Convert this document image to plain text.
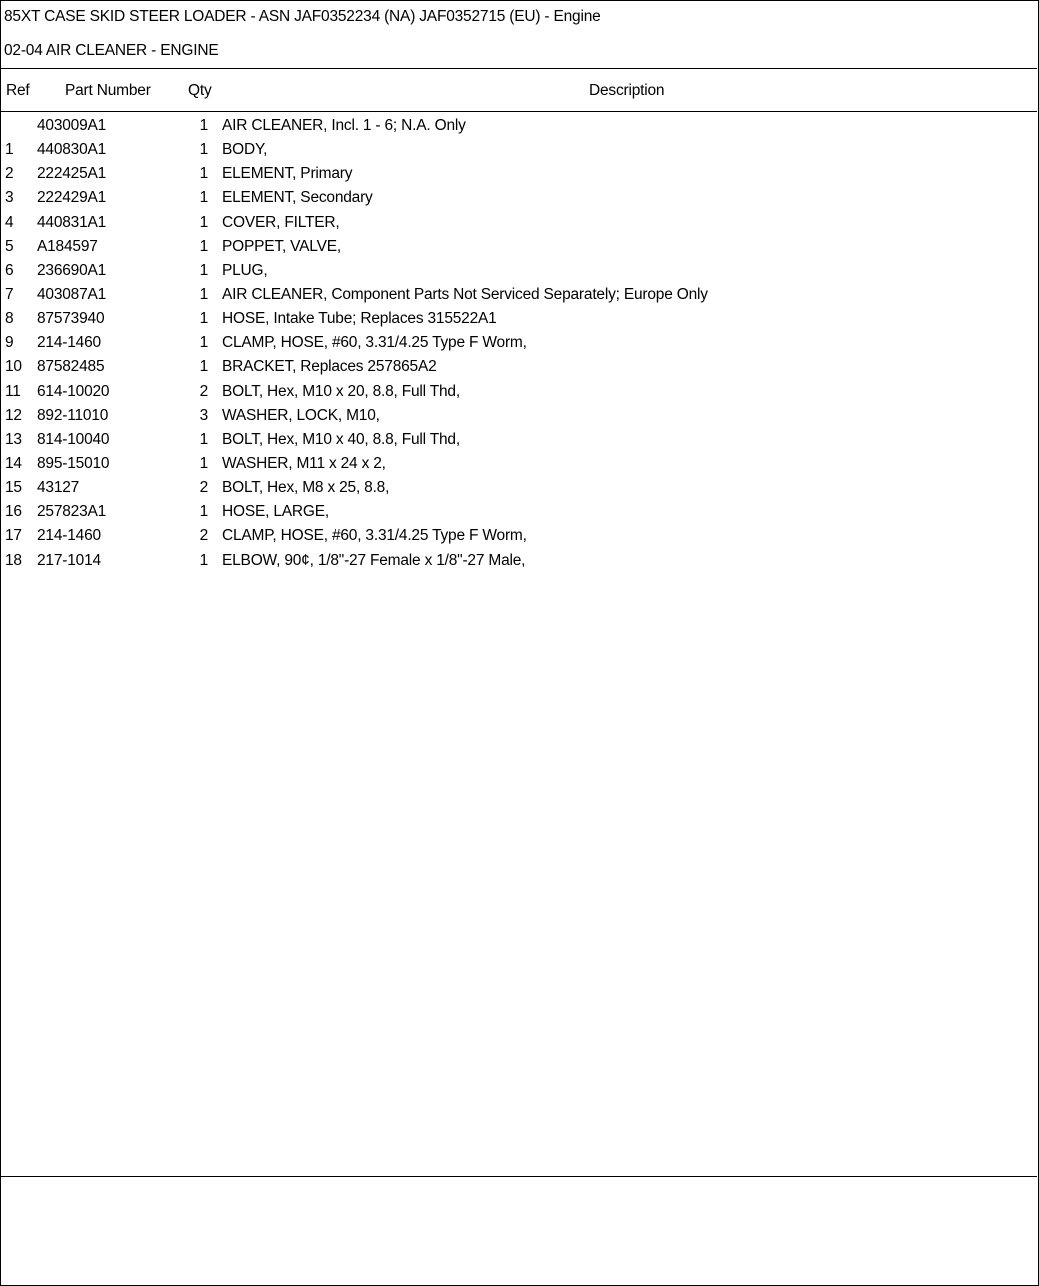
85XT CASE SKID STEER LOADER - ASN JAF0352234 (NA) JAF0352715 (EU) - Engine
02-04 AIR CLEANER - ENGINE
Ref Part Number Qty	Description
403009A1	1 AIR CLEANER, Incl. 1 - 6; N.A. Only
1 440830A1	1 BODY,
2 222425A1	1 ELEMENT, Primary
3 222429A1	1 ELEMENT, Secondary
4 440831A1	1 COVER, FILTER,
5 A184597	1 POPPET, VALVE,
6 236690A1	1 PLUG,
7 403087A1	1 AIR CLEANER, Component Parts Not Serviced Separately; Europe Only
8 87573940	1 HOSE, Intake Tube; Replaces 315522A1
9 214-1460	1 CLAMP, HOSE, #60, 3.31/4.25 Type F Worm,
10 87582485	1 BRACKET, Replaces 257865A2
11 614-10020	2 BOLT, Hex, M10 x 20, 8.8, Full Thd,
12 892-11010	3 WASHER, LOCK, M10,
13 814-10040	1 BOLT, Hex, M10 x 40, 8.8, Full Thd,
14 895-15010	1 WASHER, M11 x 24 x 2,
15 43127	2 BOLT, Hex, M8 x 25, 8.8,
16 257823A1	1 HOSE, LARGE,
17 214-1460	2 CLAMP, HOSE, #60, 3.31/4.25 Type F Worm,
18 217-1014	1 ELBOW, 90¢, 1/8"-27 Female x 1/8"-27 Male,
